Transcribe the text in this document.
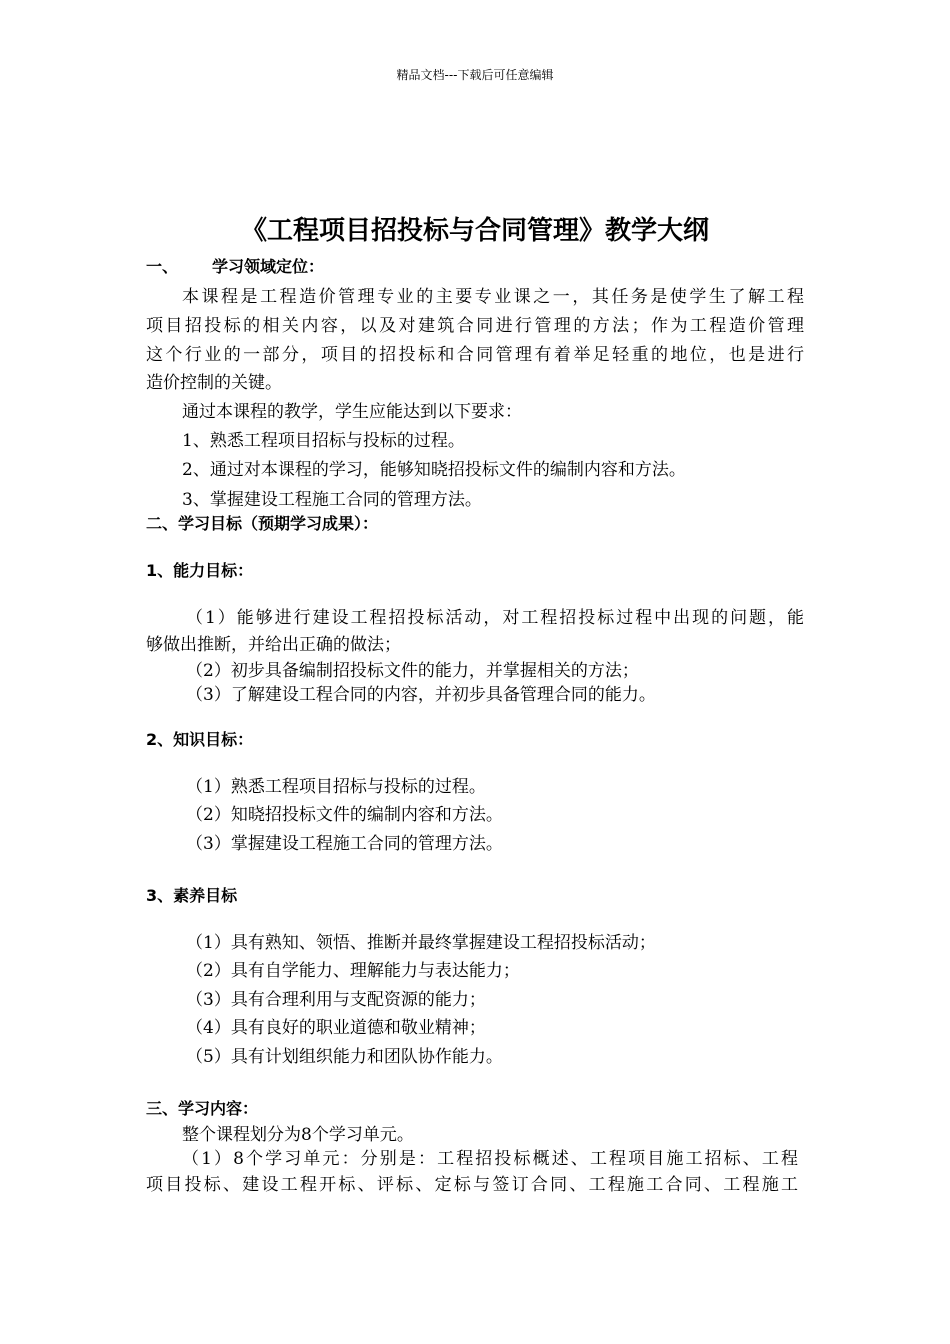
精品文档---下载后可任意编辑
《工程项目招投标与合同管理》教学大纲
一、 学习领域定位：
本课程是工程造价管理专业的主要专业课之一，其任务是使学生了解工程
项目招投标的相关内容，以及对建筑合同进行管理的方法；作为工程造价管理
这个行业的一部分，项目的招投标和合同管理有着举足轻重的地位，也是进行
造价控制的关键。
通过本课程的教学，学生应能达到以下要求：
1、熟悉工程项目招标与投标的过程。
2、通过对本课程的学习，能够知晓招投标文件的编制内容和方法。
3、掌握建设工程施工合同的管理方法。
二、学习目标（预期学习成果）：
1、能力目标：
（1）能够进行建设工程招投标活动，对工程招投标过程中出现的问题，能
够做出推断，并给出正确的做法；
（2）初步具备编制招投标文件的能力，并掌握相关的方法；
（3）了解建设工程合同的内容，并初步具备管理合同的能力。
2、知识目标：
（1）熟悉工程项目招标与投标的过程。
（2）知晓招投标文件的编制内容和方法。
（3）掌握建设工程施工合同的管理方法。
3、素养目标
（1）具有熟知、领悟、推断并最终掌握建设工程招投标活动；
（2）具有自学能力、理解能力与表达能力；
（3）具有合理利用与支配资源的能力；
（4）具有良好的职业道德和敬业精神；
（5）具有计划组织能力和团队协作能力。
三、学习内容：
整个课程划分为8个学习单元。
（1）8个学习单元：分别是：工程招投标概述、工程项目施工招标、工程
项目投标、建设工程开标、评标、定标与签订合同、工程施工合同、工程施工
